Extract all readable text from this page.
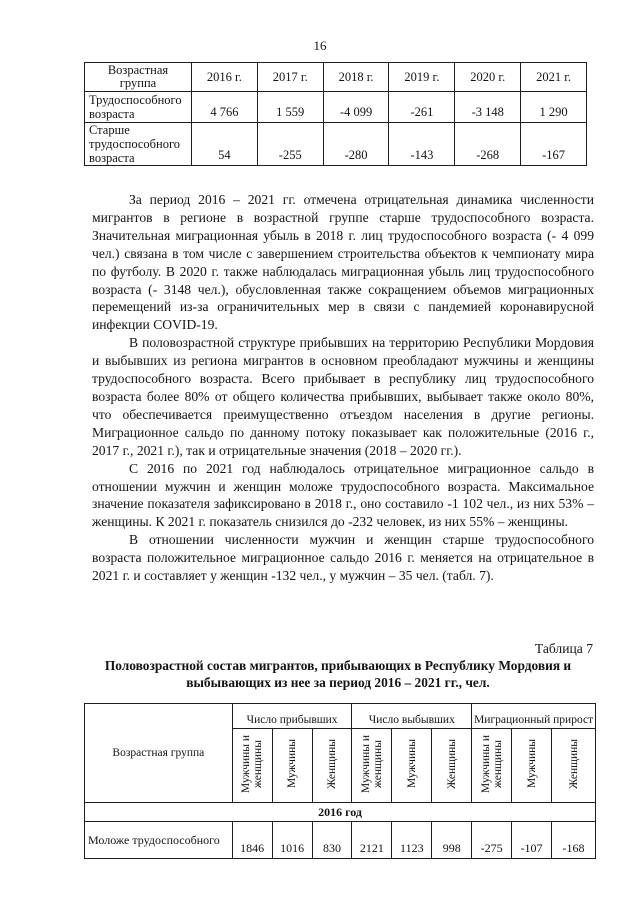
16
Возрастная группа	2016 г.	2017 г.	2018 г.	2019 г.	2020 г.	2021 г.
Трудоспособного возраста	4 766	1 559	-4 099	-261	-3 148	1 290
Старше трудоспособного возраста	54	-255	-280	-143	-268	-167

За период 2016 – 2021 гг. отмечена отрицательная динамика численности мигрантов в регионе в возрастной группе старше трудоспособного возраста. Значительная миграционная убыль в 2018 г. лиц трудоспособного возраста (- 4 099 чел.) связана в том числе с завершением строительства объектов к чемпионату мира по футболу. В 2020 г. также наблюдалась миграционная убыль лиц трудоспособного возраста (- 3148 чел.), обусловленная также сокращением объемов миграционных перемещений из-за ограничительных мер в связи с пандемией коронавирусной инфекции COVID-19.

В половозрастной структуре прибывших на территорию Республики Мордовия и выбывших из региона мигрантов в основном преобладают мужчины и женщины трудоспособного возраста. Всего прибывает в республику лиц трудоспособного возраста более 80% от общего количества прибывших, выбывает также около 80%, что обеспечивается преимущественно отъездом населения в другие регионы. Миграционное сальдо по данному потоку показывает как положительные (2016 г., 2017 г., 2021 г.), так и отрицательные значения (2018 – 2020 гг.).

С 2016 по 2021 год наблюдалось отрицательное миграционное сальдо в отношении мужчин и женщин моложе трудоспособного возраста. Максимальное значение показателя зафиксировано в 2018 г., оно составило -1 102 чел., из них 53% – женщины. К 2021 г. показатель снизился до -232 человек, из них 55% – женщины.

В отношении численности мужчин и женщин старше трудоспособного возраста положительное миграционное сальдо 2016 г. меняется на отрицательное в 2021 г. и составляет у женщин -132 чел., у мужчин – 35 чел. (табл. 7).

Таблица 7
Половозрастной состав мигрантов, прибывающих в Республику Мордовия и выбывающих из нее за период 2016 – 2021 гг., чел.
Возрастная группа	Число прибывших			Число выбывших			Миграционный прирост		
	Мужчины и женщины	Мужчины	Женщины	Мужчины и женщины	Мужчины	Женщины	Мужчины и женщины	Мужчины	Женщины
2016 год									
Моложе трудоспособного	1846	1016	830	2121	1123	998	-275	-107	-168
